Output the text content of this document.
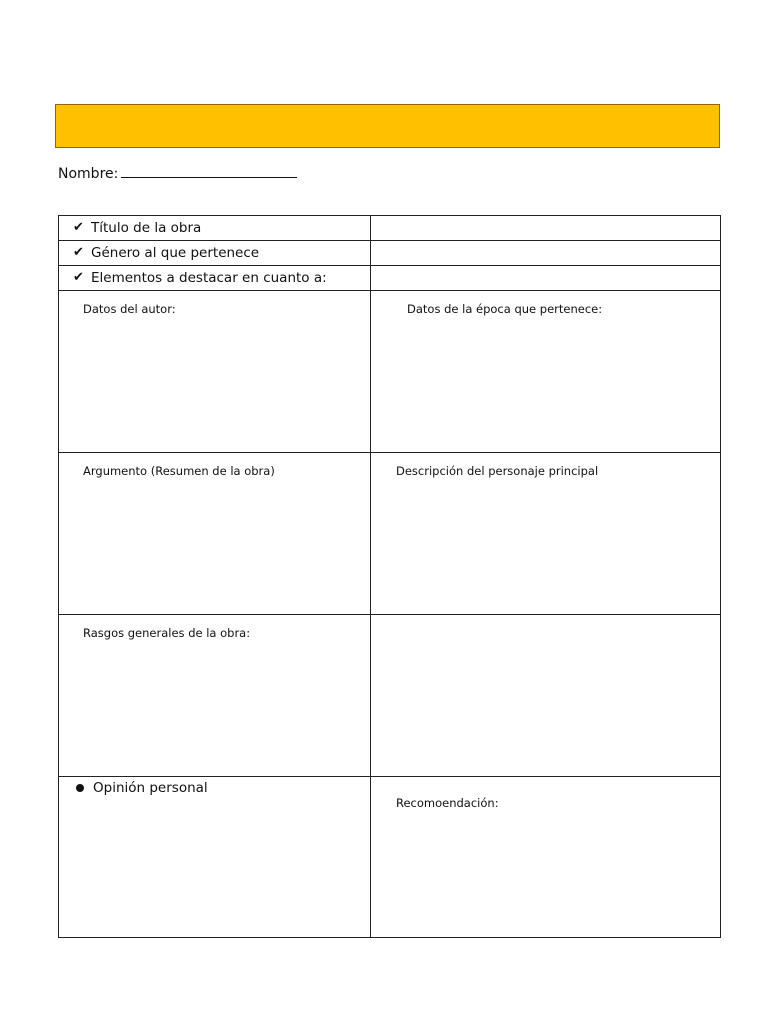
Nombre:
✔ Título de la obra	

✔ Género al que pertenece	

✔ Elementos a destacar en cuanto a:	

Datos del autor:	Datos de la época que pertenece:

Argumento (Resumen de la obra)	Descripción del personaje principal

Rasgos generales de la obra:	

Opinión personal	Recomoendación:
